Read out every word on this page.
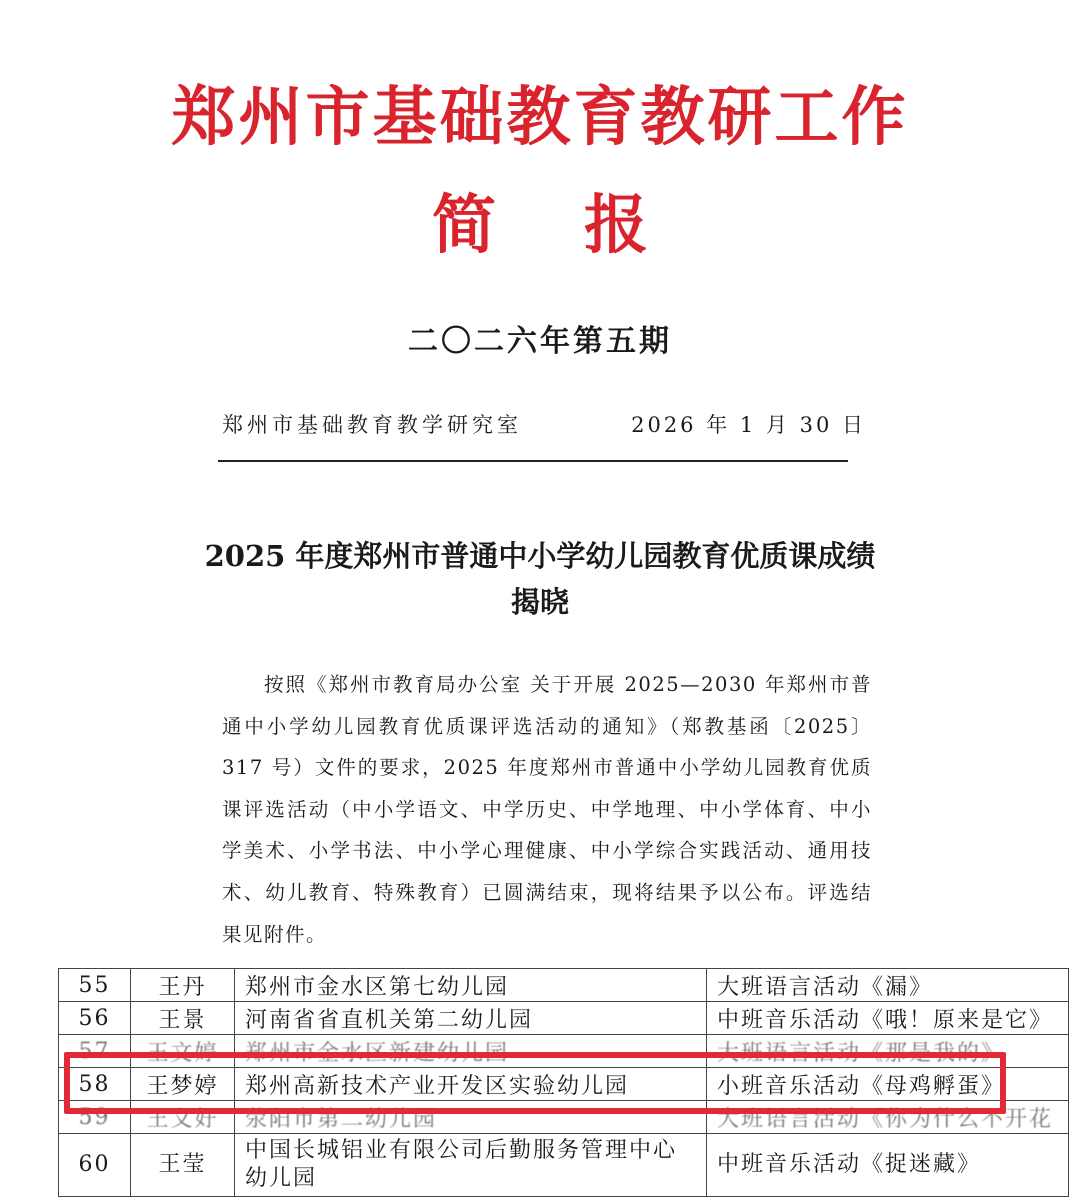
郑州市基础教育教研工作
简 报
二〇二六年第五期
郑州市基础教育教学研究室	2026 年 1 月 30 日
2025 年度郑州市普通中小学幼儿园教育优质课成绩
揭晓
按照《郑州市教育局办公室 关于开展 2025—2030 年郑州市普通中小学幼儿园教育优质课评选活动的通知》（郑教基函〔2025〕317 号）文件的要求，2025 年度郑州市普通中小学幼儿园教育优质课评选活动（中小学语文、中学历史、中学地理、中小学体育、中小学美术、小学书法、中小学心理健康、中小学综合实践活动、通用技术、幼儿教育、特殊教育）已圆满结束，现将结果予以公布。评选结果见附件。
55	王丹	郑州市金水区第七幼儿园	大班语言活动《漏》
56	王景	河南省省直机关第二幼儿园	中班音乐活动《哦！原来是它》
57	王文婷	郑州市金水区新建幼儿园	大班语言活动《那是我的》
58	王梦婷	郑州高新技术产业开发区实验幼儿园	小班音乐活动《母鸡孵蛋》
59	王文好	荥阳市第二幼儿园	大班语言活动《你为什么不开花
60	王莹	中国长城铝业有限公司后勤服务管理中心幼儿园	中班音乐活动《捉迷藏》
